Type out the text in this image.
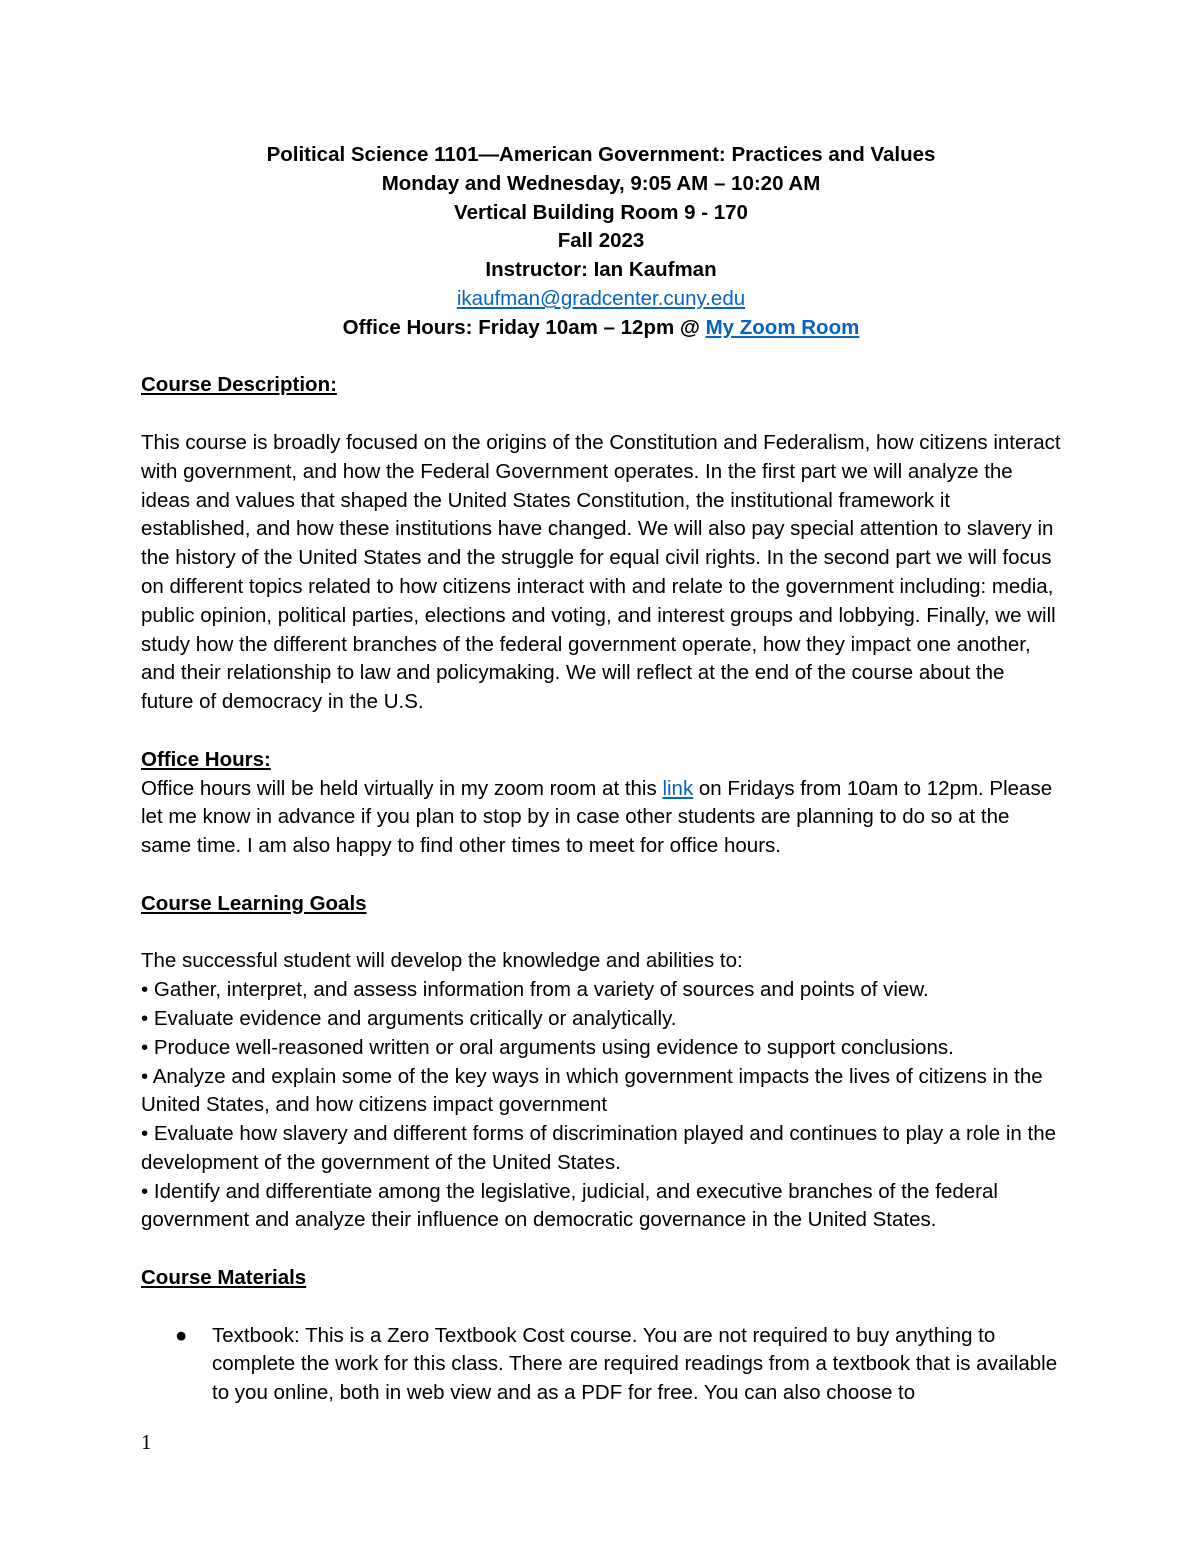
Political Science 1101—American Government: Practices and Values
Monday and Wednesday, 9:05 AM – 10:20 AM
Vertical Building Room 9 - 170
Fall 2023
Instructor: Ian Kaufman
ikaufman@gradcenter.cuny.edu
Office Hours: Friday 10am – 12pm @ My Zoom Room
Course Description:

This course is broadly focused on the origins of the Constitution and Federalism, how citizens interact with government, and how the Federal Government operates. In the first part we will analyze the ideas and values that shaped the United States Constitution, the institutional framework it established, and how these institutions have changed. We will also pay special attention to slavery in the history of the United States and the struggle for equal civil rights. In the second part we will focus on different topics related to how citizens interact with and relate to the government including: media, public opinion, political parties, elections and voting, and interest groups and lobbying. Finally, we will study how the different branches of the federal government operate, how they impact one another, and their relationship to law and policymaking. We will reflect at the end of the course about the future of democracy in the U.S.

Office Hours:

Office hours will be held virtually in my zoom room at this link on Fridays from 10am to 12pm. Please let me know in advance if you plan to stop by in case other students are planning to do so at the same time. I am also happy to find other times to meet for office hours.

Course Learning Goals

The successful student will develop the knowledge and abilities to:

• Gather, interpret, and assess information from a variety of sources and points of view.
• Evaluate evidence and arguments critically or analytically.
• Produce well-reasoned written or oral arguments using evidence to support conclusions.
• Analyze and explain some of the key ways in which government impacts the lives of citizens in the United States, and how citizens impact government
• Evaluate how slavery and different forms of discrimination played and continues to play a role in the development of the government of the United States.
• Identify and differentiate among the legislative, judicial, and executive branches of the federal government and analyze their influence on democratic governance in the United States.
Course Materials
● Textbook: This is a Zero Textbook Cost course. You are not required to buy anything to complete the work for this class. There are required readings from a textbook that is available to you online, both in web view and as a PDF for free. You can also choose to
1
